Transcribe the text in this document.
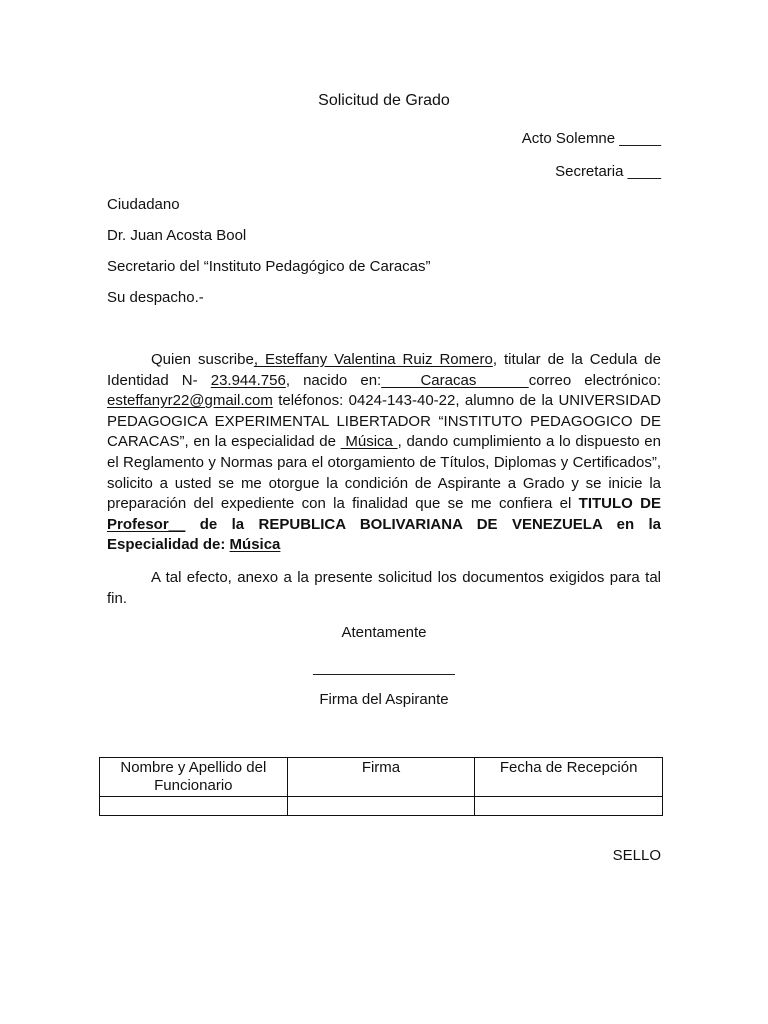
Solicitud de Grado
Acto Solemne _____
Secretaria ____
Ciudadano
Dr. Juan Acosta Bool
Secretario del “Instituto Pedagógico de Caracas”
Su despacho.-
Quien suscribe, Esteffany Valentina Ruiz Romero, titular de la Cedula de Identidad N- 23.944.756, nacido en:   Caracas    correo electrónico: esteffanyr22@gmail.com teléfonos: 0424-143-40-22, alumno de la UNIVERSIDAD PEDAGOGICA EXPERIMENTAL LIBERTADOR “INSTITUTO PEDAGOGICO DE CARACAS”, en la especialidad de  Música , dando cumplimiento a lo dispuesto en el Reglamento y Normas para el otorgamiento de Títulos, Diplomas y Certificados”, solicito a usted se me otorgue la condición de Aspirante a Grado y se inicie la preparación del expediente con la finalidad que se me confiera el TITULO DE Profesor__ de la REPUBLICA BOLIVARIANA DE VENEZUELA en la Especialidad de: Música
A tal efecto, anexo a la presente solicitud los documentos exigidos para tal fin.
Atentamente
_________________
Firma del Aspirante
Nombre y Apellido del Funcionario	Firma	Fecha de Recepción

SELLO
